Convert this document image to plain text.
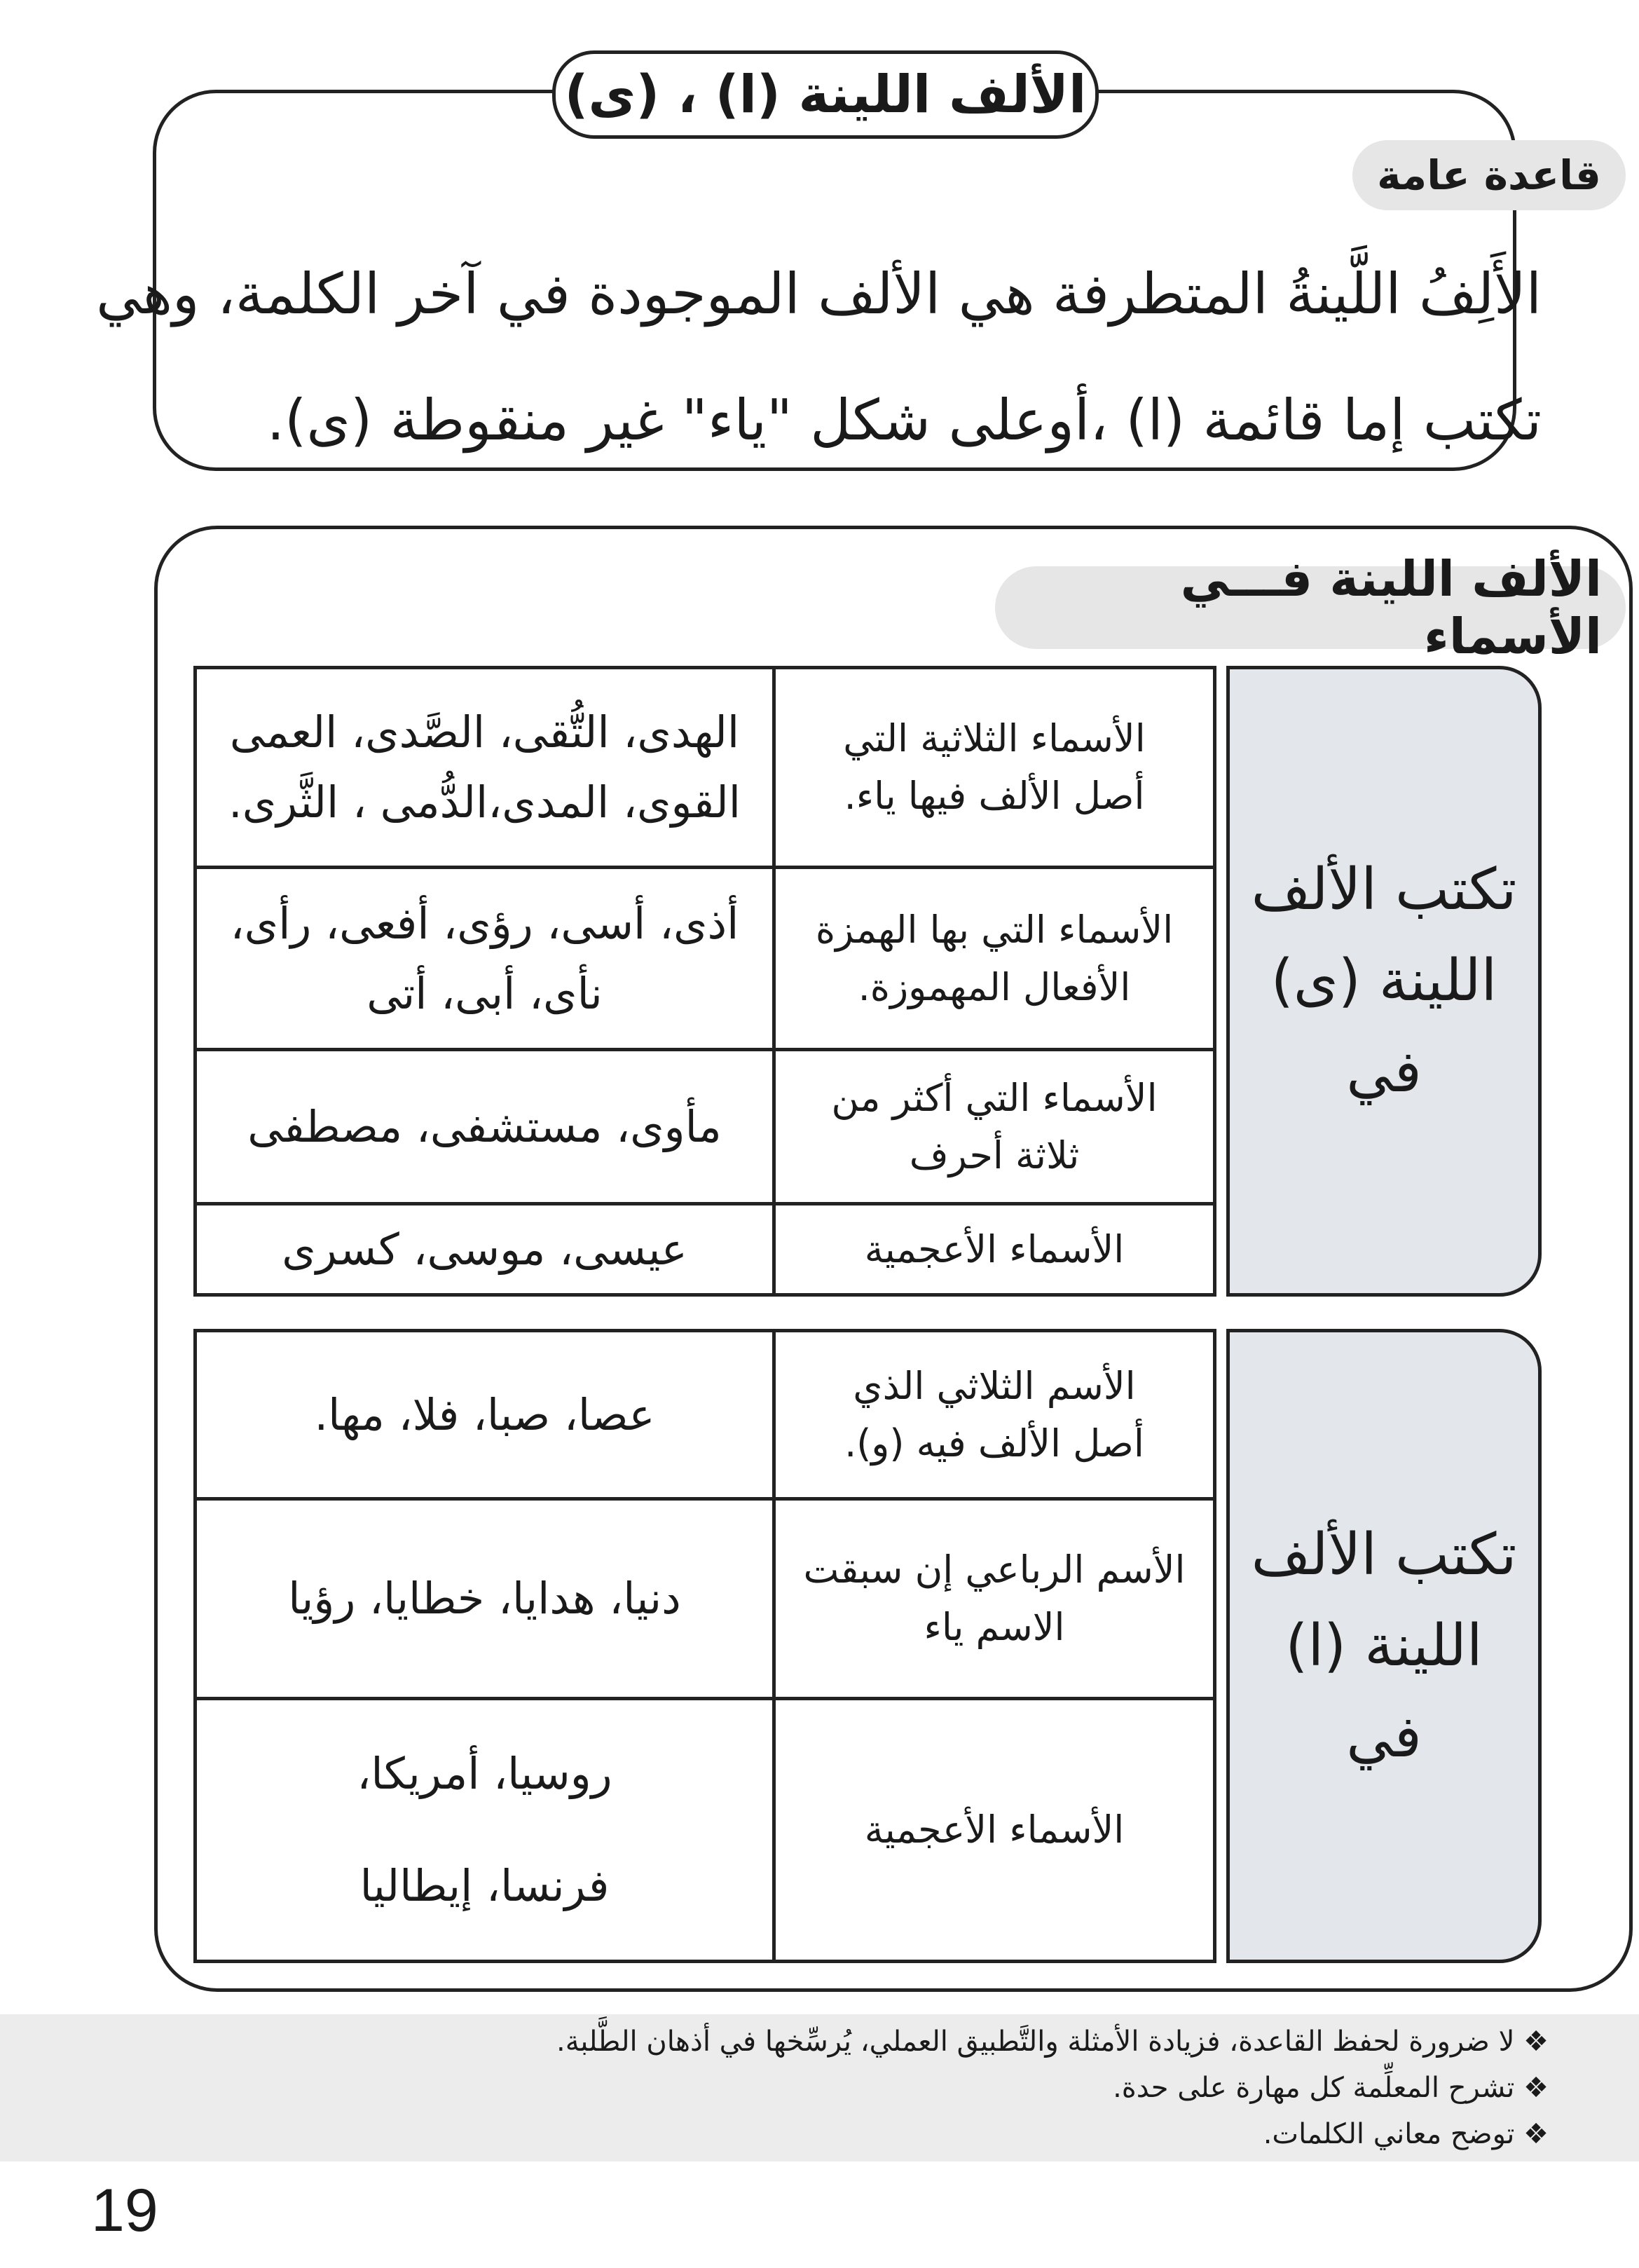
الألف اللينة (ا) ، (ى)
قاعدة عامة

الأَلِفُ اللَّينةُ المتطرفة هي الألف الموجودة في آخر الكلمة، وهي

تكتب إما قائمة (ا) ،أوعلى شكل "ياء" غير منقوطة (ى).

الألف اللينة فـــي الأسماء
الهدى، التُّقى، الصَّدى، العمى
القوى، المدى،الدُّمى ، الثَّرى.
الأسماء الثلاثية التي
أصل الألف فيها ياء.
أذى، أسى، رؤى، أفعى، رأى،
نأى، أبى، أتى
الأسماء التي بها الهمزة
الأفعال المهموزة.
مأوى، مستشفى، مصطفى
الأسماء التي أكثر من
ثلاثة أحرف
عيسى، موسى، كسرى	الأسماء الأعجمية
تكتب الألف
اللينة (ى)
في
عصا، صبا، فلا، مها.
الأسم الثلاثي الذي
أصل الألف فيه (و).
دنيا، هدايا، خطايا، رؤيا
الأسم الرباعي إن سبقت
الاسم ياء
روسيا، أمريكا،
فرنسا، إيطاليا
الأسماء الأعجمية
تكتب الألف
اللينة (ا)
في
❖ لا ضرورة لحفظ القاعدة، فزيادة الأمثلة والتَّطبيق العملي، يُرسِّخها في أذهان الطَّلبة.
❖ تشرح المعلِّمة كل مهارة على حدة.
❖ توضح معاني الكلمات.
19
